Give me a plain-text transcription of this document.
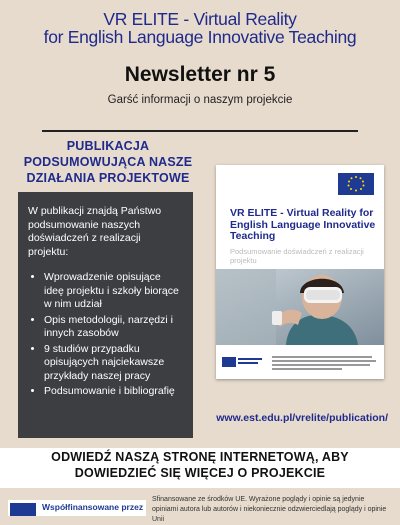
VR ELITE - Virtual Reality
for English Language Innovative Teaching
Newsletter nr 5
Garść informacji o naszym projekcie
PUBLIKACJA
PODSUMOWUJĄCA NASZE
DZIAŁANIA PROJEKTOWE

W publikacji znajdą Państwo podsumowanie naszych doświadczeń z realizacji projektu:

• Wprowadzenie opisujące ideę projektu i szkoły biorące w nim udział
• Opis metodologii, narzędzi i innych zasobów
• 9 studiów przypadku opisujących najciekawsze przykłady naszej pracy
• Podsumowanie i bibliografię
VR ELITE - Virtual Reality for English Language Innovative Teaching
Podsumowanie doświadczeń z realizacji projektu
www.est.edu.pl/vrelite/publication/
ODWIEDŹ NASZĄ STRONĘ INTERNETOWĄ, ABY
DOWIEDZIEĆ SIĘ WIĘCEJ O PROJEKCIE
Współfinansowane przez
Sfinansowane ze środków UE. Wyrażone poglądy i opinie są jedynie opiniami autora lub autorów i niekoniecznie odzwierciedlają poglądy i opinie Unii
